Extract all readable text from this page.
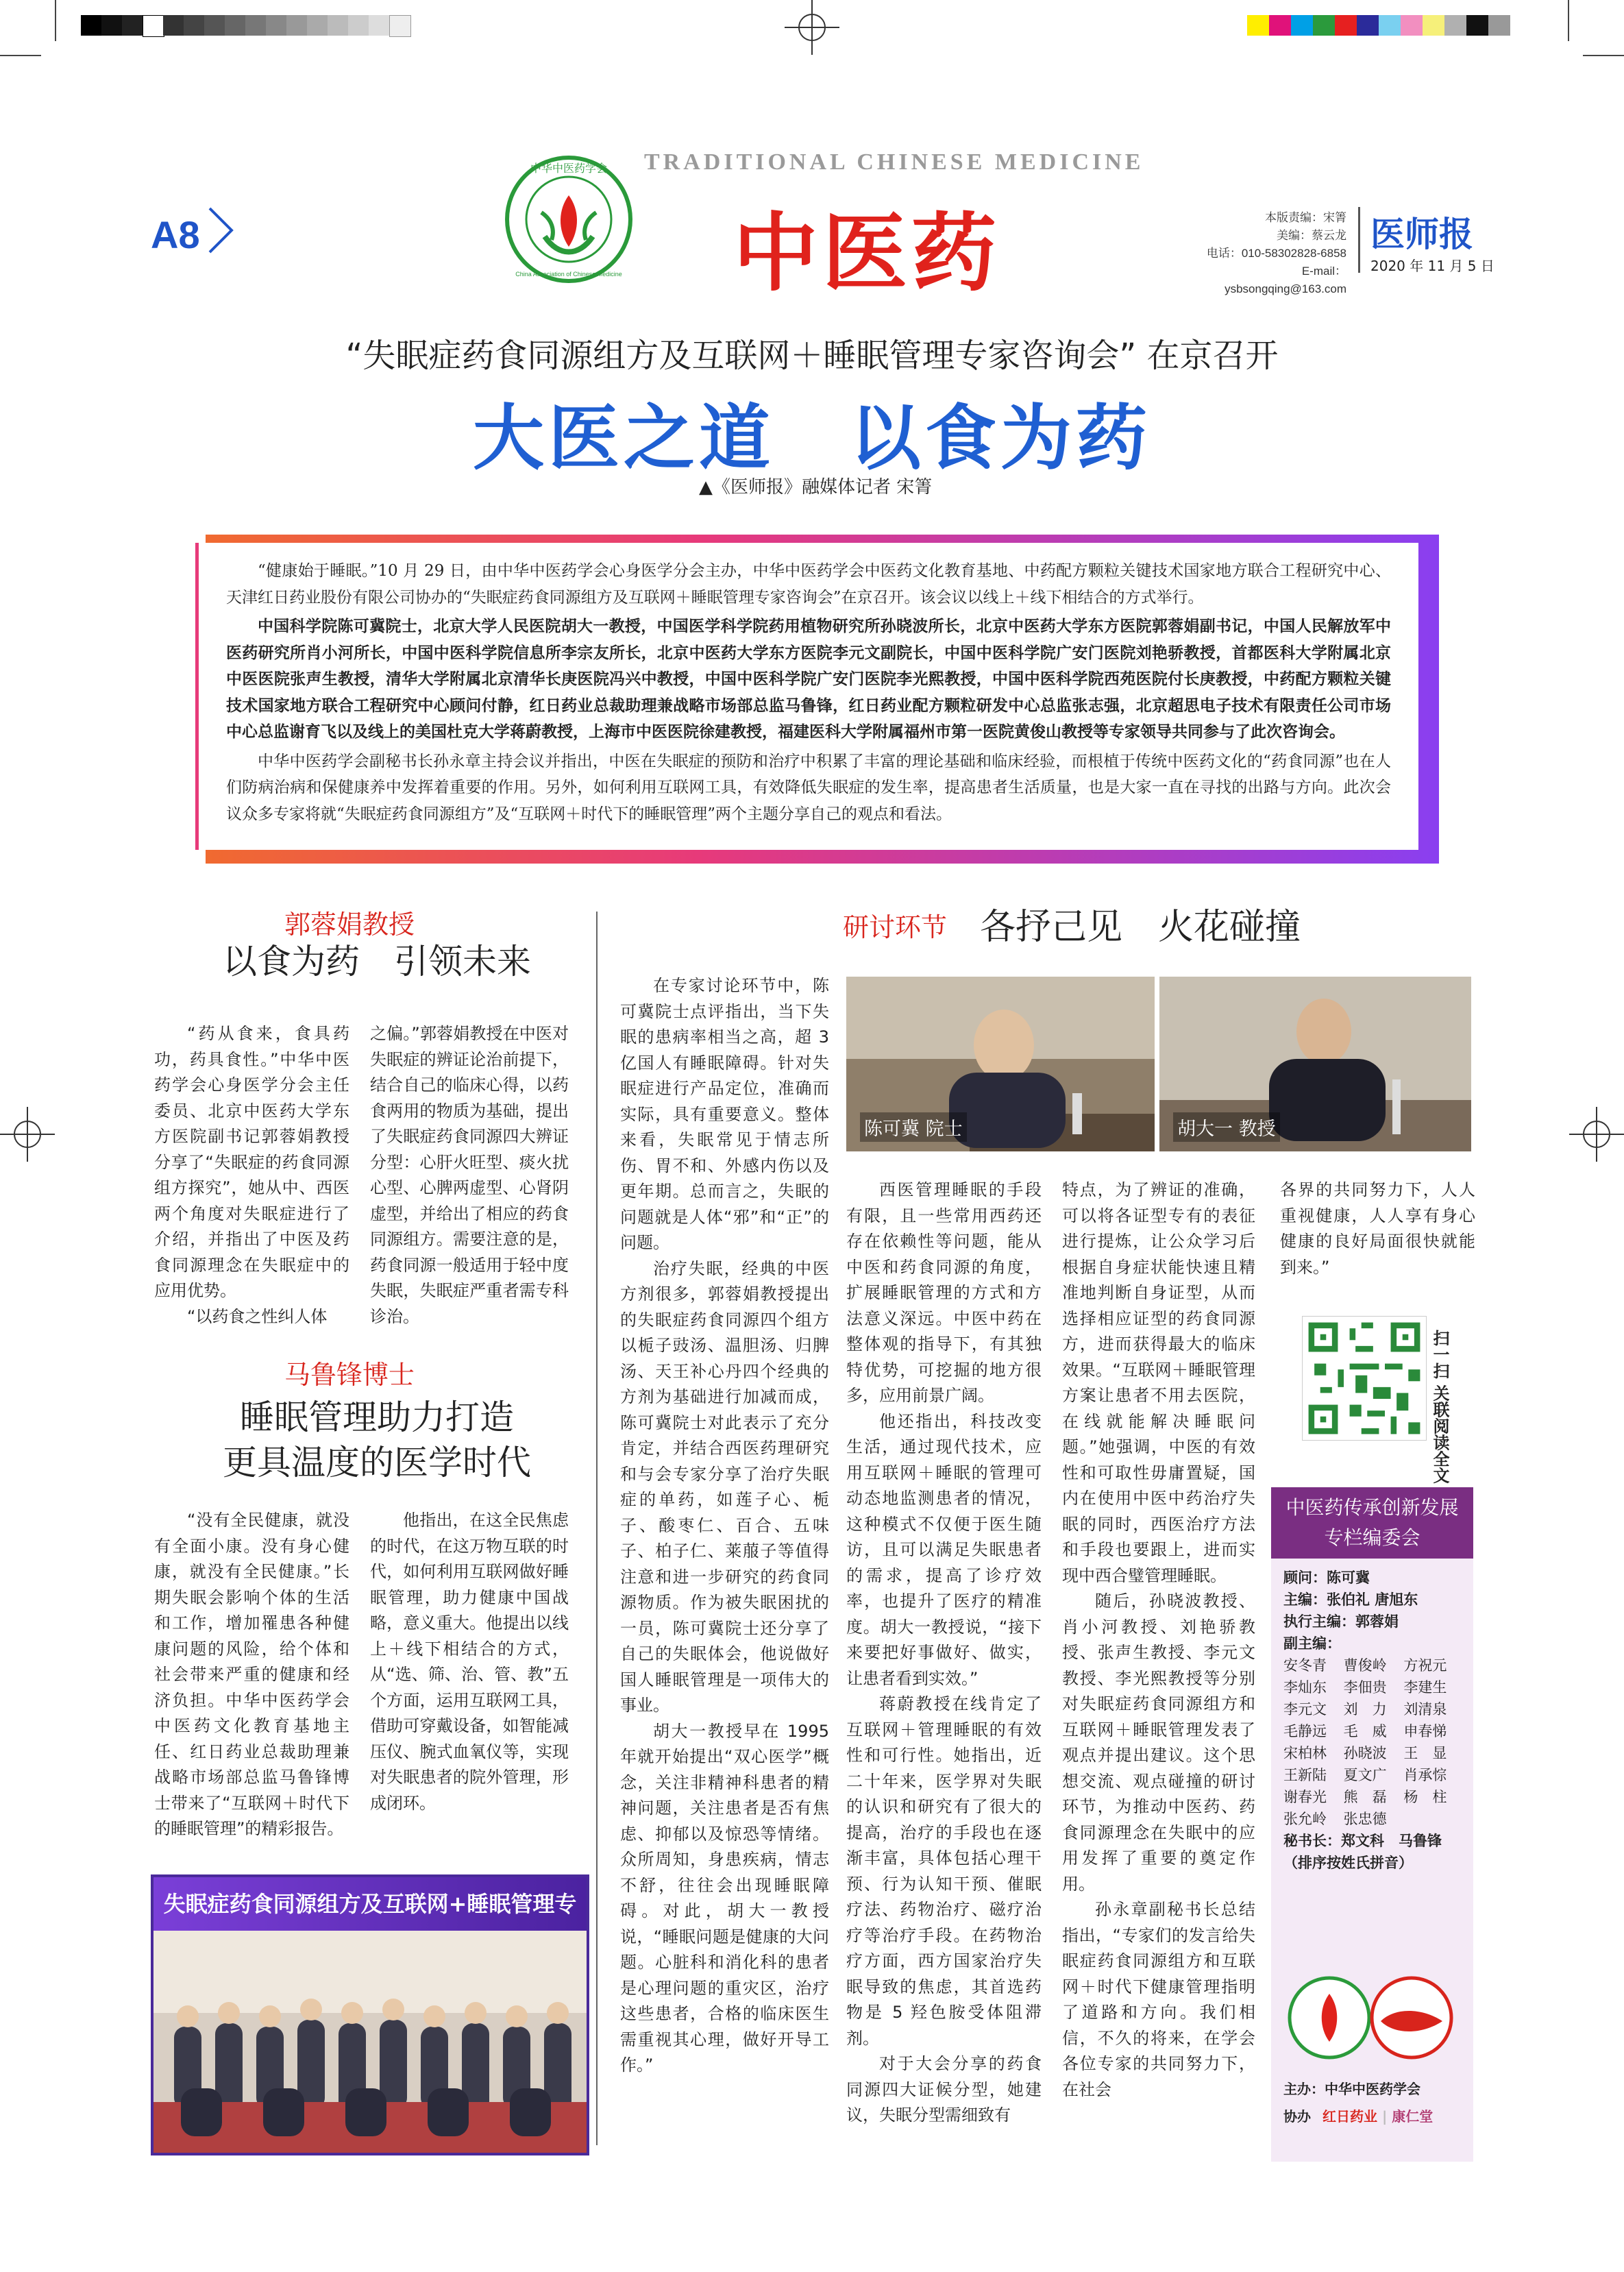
A8
中华中医药学会
China Association of Chinese Medicine
TRADITIONAL CHINESE MEDICINE
中医药	本版责编：宋箐
美编：蔡云龙
电话：010-58302828-6858
E-mail：ysbsongqing@163.com
医师报
2020 年 11 月 5 日
“失眠症药食同源组方及互联网＋睡眠管理专家咨询会” 在京召开
大医之道　以食为药
▲《医师报》融媒体记者 宋箐

“健康始于睡眠。”10 月 29 日，由中华中医药学会心身医学分会主办，中华中医药学会中医药文化教育基地、中药配方颗粒关键技术国家地方联合工程研究中心、天津红日药业股份有限公司协办的“失眠症药食同源组方及互联网＋睡眠管理专家咨询会”在京召开。该会议以线上＋线下相结合的方式举行。

中国科学院陈可冀院士，北京大学人民医院胡大一教授，中国医学科学院药用植物研究所孙晓波所长，北京中医药大学东方医院郭蓉娟副书记，中国人民解放军中医药研究所肖小河所长，中国中医科学院信息所李宗友所长，北京中医药大学东方医院李元文副院长，中国中医科学院广安门医院刘艳骄教授，首都医科大学附属北京中医医院张声生教授，清华大学附属北京清华长庚医院冯兴中教授，中国中医科学院广安门医院李光熙教授，中国中医科学院西苑医院付长庚教授，中药配方颗粒关键技术国家地方联合工程研究中心顾问付静，红日药业总裁助理兼战略市场部总监马鲁锋，红日药业配方颗粒研发中心总监张志强，北京超思电子技术有限责任公司市场中心总监谢育飞以及线上的美国杜克大学蒋蔚教授，上海市中医医院徐建教授，福建医科大学附属福州市第一医院黄俊山教授等专家领导共同参与了此次咨询会。

中华中医药学会副秘书长孙永章主持会议并指出，中医在失眠症的预防和治疗中积累了丰富的理论基础和临床经验，而根植于传统中医药文化的“药食同源”也在人们防病治病和保健康养中发挥着重要的作用。另外，如何利用互联网工具，有效降低失眠症的发生率，提高患者生活质量，也是大家一直在寻找的出路与方向。此次会议众多专家将就“失眠症药食同源组方”及“互联网＋时代下的睡眠管理”两个主题分享自己的观点和看法。

郭蓉娟教授
以食为药　引领未来

“药从食来，食具药功，药具食性。”中华中医药学会心身医学分会主任委员、北京中医药大学东方医院副书记郭蓉娟教授分享了“失眠症的药食同源组方探究”，她从中、西医两个角度对失眠症进行了介绍，并指出了中医及药食同源理念在失眠症中的应用优势。

“以药食之性纠人体

之偏。”郭蓉娟教授在中医对失眠症的辨证论治前提下，结合自己的临床心得，以药食两用的物质为基础，提出了失眠症药食同源四大辨证分型：心肝火旺型、痰火扰心型、心脾两虚型、心肾阴虚型，并给出了相应的药食同源组方。需要注意的是，药食同源一般适用于轻中度失眠，失眠症严重者需专科诊治。

马鲁锋博士
睡眠管理助力打造
更具温度的医学时代

“没有全民健康，就没有全面小康。没有身心健康，就没有全民健康。”长期失眠会影响个体的生活和工作，增加罹患各种健康问题的风险，给个体和社会带来严重的健康和经济负担。中华中医药学会中医药文化教育基地主任、红日药业总裁助理兼战略市场部总监马鲁锋博士带来了“互联网＋时代下的睡眠管理”的精彩报告。

他指出，在这全民焦虑的时代，在这万物互联的时代，如何利用互联网做好睡眠管理，助力健康中国战略，意义重大。他提出以线上＋线下相结合的方式，从“选、筛、治、管、教”五个方面，运用互联网工具，借助可穿戴设备，如智能减压仪、腕式血氧仪等，实现对失眠患者的院外管理，形成闭环。

失眠症药食同源组方及互联网+睡眠管理专
研讨环节 各抒己见　火花碰撞
陈可冀 院士	胡大一 教授

在专家讨论环节中，陈可冀院士点评指出，当下失眠的患病率相当之高，超 3 亿国人有睡眠障碍。针对失眠症进行产品定位，准确而实际，具有重要意义。整体来看，失眠常见于情志所伤、胃不和、外感内伤以及更年期。总而言之，失眠的问题就是人体“邪”和“正”的问题。

治疗失眠，经典的中医方剂很多，郭蓉娟教授提出的失眠症药食同源四个组方以栀子豉汤、温胆汤、归脾汤、天王补心丹四个经典的方剂为基础进行加减而成，陈可冀院士对此表示了充分肯定，并结合西医药理研究和与会专家分享了治疗失眠症的单药，如莲子心、栀子、酸枣仁、百合、五味子、柏子仁、莱菔子等值得注意和进一步研究的药食同源物质。作为被失眠困扰的一员，陈可冀院士还分享了自己的失眠体会，他说做好国人睡眠管理是一项伟大的事业。

胡大一教授早在 1995 年就开始提出“双心医学”概念，关注非精神科患者的精神问题，关注患者是否有焦虑、抑郁以及惊恐等情绪。众所周知，身患疾病，情志不舒，往往会出现睡眠障碍。对此，胡大一教授说，“睡眠问题是健康的大问题。心脏科和消化科的患者是心理问题的重灾区，治疗这些患者，合格的临床医生需重视其心理，做好开导工作。”

西医管理睡眠的手段有限，且一些常用西药还存在依赖性等问题，能从中医和药食同源的角度，扩展睡眠管理的方式和方法意义深远。中医中药在整体观的指导下，有其独特优势，可挖掘的地方很多，应用前景广阔。

他还指出，科技改变生活，通过现代技术，应用互联网＋睡眠的管理可动态地监测患者的情况，这种模式不仅便于医生随访，且可以满足失眠患者的需求，提高了诊疗效率，也提升了医疗的精准度。胡大一教授说，“接下来要把好事做好、做实，让患者看到实效。”

蒋蔚教授在线肯定了互联网＋管理睡眠的有效性和可行性。她指出，近二十年来，医学界对失眠的认识和研究有了很大的提高，治疗的手段也在逐渐丰富，具体包括心理干预、行为认知干预、催眠疗法、药物治疗、磁疗治疗等治疗手段。在药物治疗方面，西方国家治疗失眠导致的焦虑，其首选药物是 5 羟色胺受体阻滞剂。

对于大会分享的药食同源四大证候分型，她建议，失眠分型需细致有

特点，为了辨证的准确，可以将各证型专有的表征进行提炼，让公众学习后根据自身症状能快速且精准地判断自身证型，从而选择相应证型的药食同源方，进而获得最大的临床效果。“互联网＋睡眠管理方案让患者不用去医院，在线就能解决睡眠问题。”她强调，中医的有效性和可取性毋庸置疑，国内在使用中医中药治疗失眠的同时，西医治疗方法和手段也要跟上，进而实现中西合璧管理睡眠。

随后，孙晓波教授、肖小河教授、刘艳骄教授、张声生教授、李元文教授、李光熙教授等分别对失眠症药食同源组方和互联网＋睡眠管理发表了观点并提出建议。这个思想交流、观点碰撞的研讨环节，为推动中医药、药食同源理念在失眠中的应用发挥了重要的奠定作用。

孙永章副秘书长总结指出，“专家们的发言给失眠症药食同源组方和互联网＋时代下健康管理指明了道路和方向。我们相信，不久的将来，在学会各位专家的共同努力下，在社会

各界的共同努力下，人人重视健康，人人享有身心健康的良好局面很快就能到来。”

扫一扫 关联阅读全文
中医药传承创新发展
专栏编委会
顾问：陈可冀
主编：张伯礼 唐旭东
执行主编：郭蓉娟
副主编：
安冬青	曹俊岭	方祝元
李灿东	李佃贵	李建生
李元文	刘　力	刘清泉
毛静远	毛　威	申春悌
宋柏林	孙晓波	王　显
王新陆	夏文广	肖承悰
谢春光	熊　磊	杨　柱
张允岭	张忠德
秘书长：郑文科　马鲁锋
（排序按姓氏拼音）
主办：中华中医药学会
协办 红日药业 | 康仁堂
